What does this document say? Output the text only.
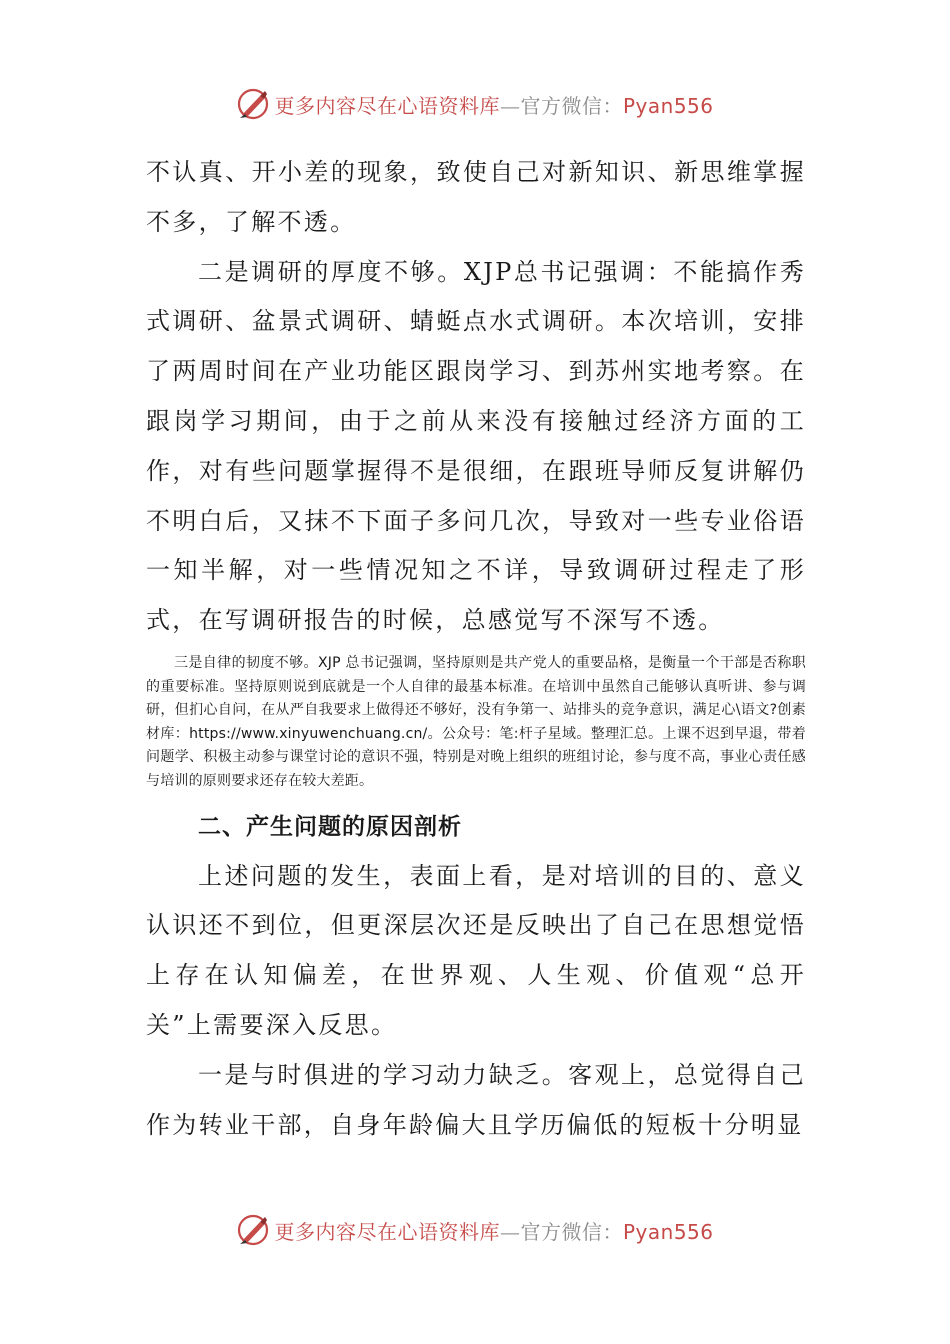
更多内容尽在心语资料库—官方微信：Pyan556

不认真、开小差的现象，致使自己对新知识、新思维掌握不多，了解不透。

二是调研的厚度不够。XJP总书记强调：不能搞作秀式调研、盆景式调研、蜻蜓点水式调研。本次培训，安排了两周时间在产业功能区跟岗学习、到苏州实地考察。在跟岗学习期间，由于之前从来没有接触过经济方面的工作，对有些问题掌握得不是很细，在跟班导师反复讲解仍不明白后，又抹不下面子多问几次，导致对一些专业俗语一知半解，对一些情况知之不详，导致调研过程走了形式，在写调研报告的时候，总感觉写不深写不透。

三是自律的韧度不够。XJP 总书记强调，坚持原则是共产党人的重要品格，是衡量一个干部是否称职的重要标准。坚持原则说到底就是一个人自律的最基本标准。在培训中虽然自己能够认真听讲、参与调研，但扪心自问，在从严自我要求上做得还不够好，没有争第一、站排头的竞争意识，满足心\语文?创素材库：https://www.xinyuwenchuang.cn/。公众号：笔:杆子星域。整理汇总。上课不迟到早退，带着问题学、积极主动参与课堂讨论的意识不强，特别是对晚上组织的班组讨论，参与度不高，事业心责任感与培训的原则要求还存在较大差距。

二、产生问题的原因剖析

上述问题的发生，表面上看，是对培训的目的、意义认识还不到位，但更深层次还是反映出了自己在思想觉悟上存在认知偏差，在世界观、人生观、价值观“总开关”上需要深入反思。

一是与时俱进的学习动力缺乏。客观上，总觉得自己作为转业干部，自身年龄偏大且学历偏低的短板十分明显

更多内容尽在心语资料库—官方微信：Pyan556
